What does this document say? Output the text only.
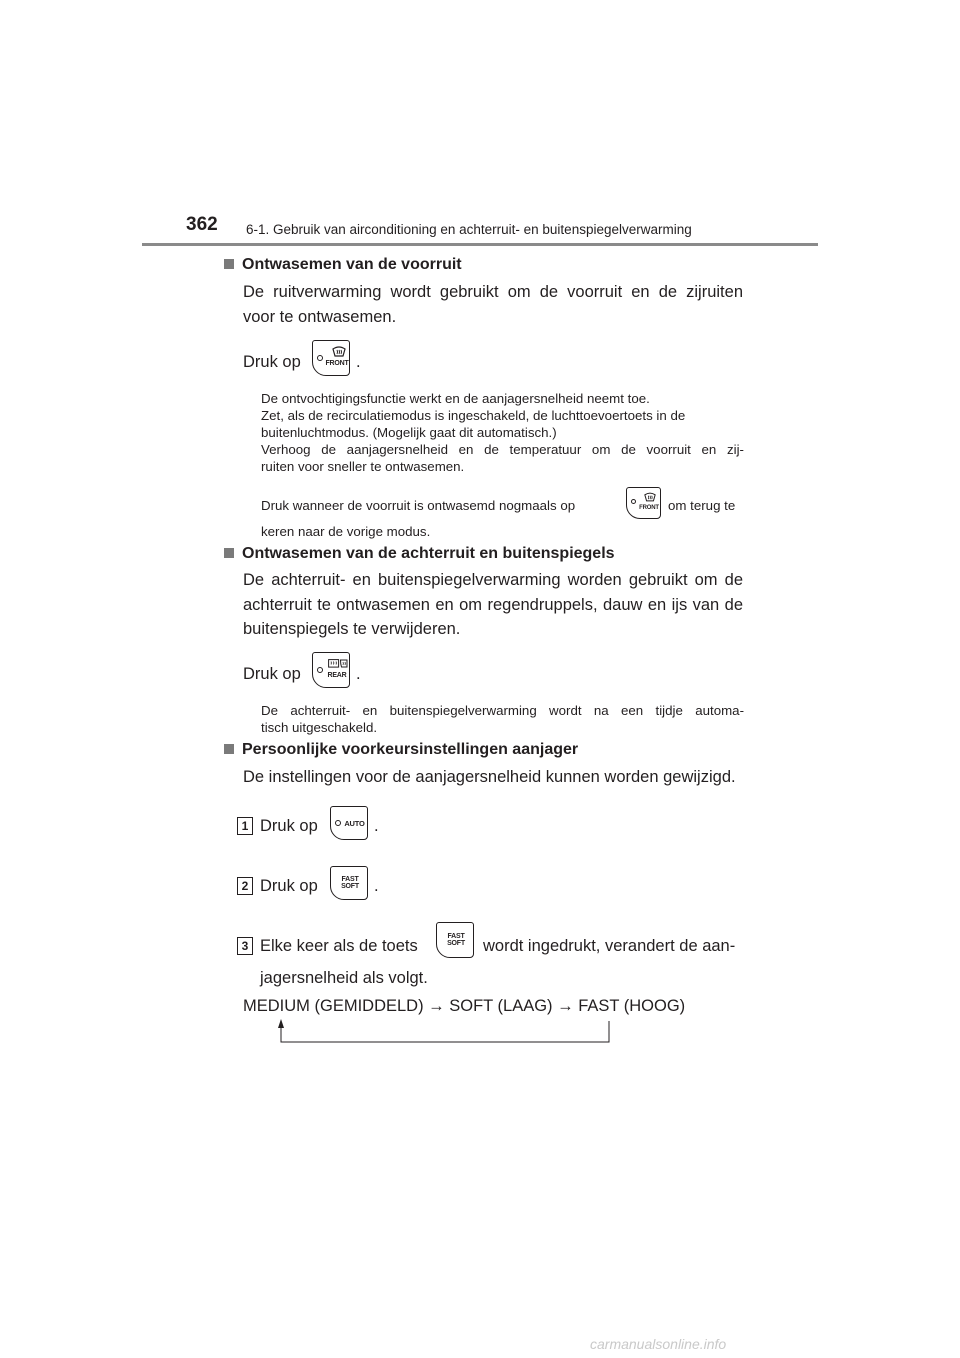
362 6-1. Gebruik van airconditioning en achterruit- en buitenspiegelverwarming
Ontwasemen van de voorruit
De ruitverwarming wordt gebruikt om de voorruit en de zijruiten
voor te ontwasemen.
Druk op	FRONT .
De ontvochtigingsfunctie werkt en de aanjagersnelheid neemt toe.
Zet, als de recirculatiemodus is ingeschakeld, de luchttoevoertoets in de
buitenluchtmodus. (Mogelijk gaat dit automatisch.)
Verhoog de aanjagersnelheid en de temperatuur om de voorruit en zij-
ruiten voor sneller te ontwasemen.
Druk wanneer de voorruit is ontwasemd nogmaals op	FRONT om terug te
keren naar de vorige modus.
Ontwasemen van de achterruit en buitenspiegels
De achterruit- en buitenspiegelverwarming worden gebruikt om de
achterruit te ontwasemen en om regendruppels, dauw en ijs van de
buitenspiegels te verwijderen.
Druk op	REAR .
De achterruit- en buitenspiegelverwarming wordt na een tijdje automa-
tisch uitgeschakeld.
Persoonlijke voorkeursinstellingen aanjager
De instellingen voor de aanjagersnelheid kunnen worden gewijzigd.
1 Druk op	AUTO .
2 Druk op	FAST
SOFT .
3 Elke keer als de toets
FAST
SOFT	wordt ingedrukt, verandert de aan-
jagersnelheid als volgt.
MEDIUM (GEMIDDELD) → SOFT (LAAG) → FAST (HOOG)
carmanualsonline.info
